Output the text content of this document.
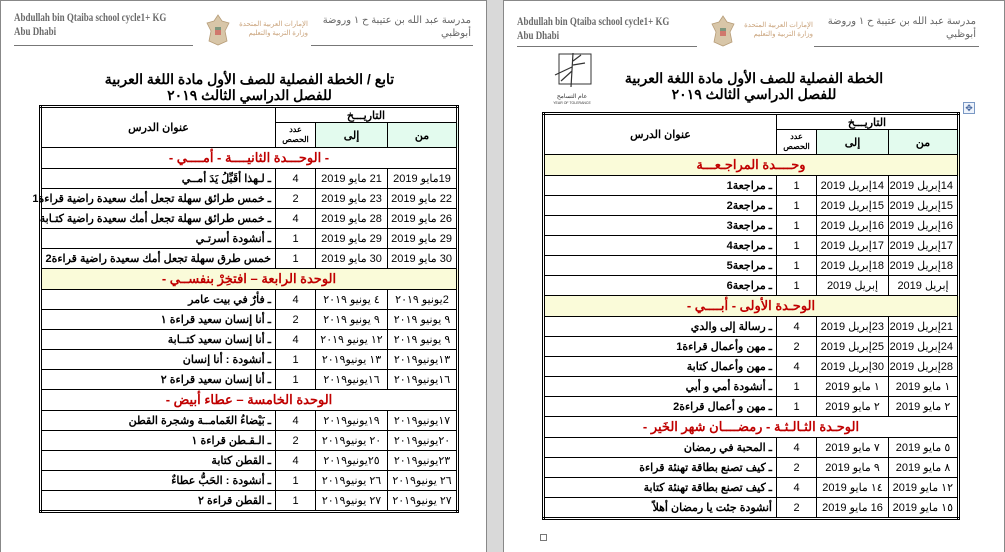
Abdullah bin Qtaiba school cycle1+ KG
Abu Dhabi
الإمارات العربية المتحدة
وزارة التربية والتعليم
مدرسة عبد الله بن عتيبة ح ١ وروضة
أبوظبي
تابع / الخطة الفصلية للصف الأول مادة اللغة العربية
للفصل الدراسي الثالث ٢٠١٩
التاريـــخ			عنوان الدرس
من	إلى	عدد الحصص	
- الوحـــدة الثانيــــة - أمــــي -			
19مايو 2019	21 مايو 2019	4	ـ لـهذا أقَبِّلُ يَدَ أمــي
22 مايو 2019	23 مايو 2019	2	ـ خمس طرائق سهلة تجعل أمك سعيدة راضية قراءة1
26 مايو 2019	28 مايو 2019	4	ـ خمس طرائق سهلة تجعل أمك سعيدة راضية كتـابة
29 مايو 2019	29 مايو 2019	1	ـ أنشودة أسرتـي
30 مايو 2019	30 مايو 2019	1	خمس طرق سهلة تجعل أمك سعيدة راضية قراءة2
الوحدة الرابعة – افتخِرْ بنفســي -			
2يونيو ٢٠١٩	٤ يونيو ٢٠١٩	4	ـ فأرٌ في بيت عامر
٩ يونيو ٢٠١٩	٩ يونيو ٢٠١٩	2	ـ أنا إنسان سعيد قراءة ١
٩ يونيو ٢٠١٩	١٢ يونيو ٢٠١٩	4	ـ أنا إنسان سعيد كتــابة
١٣يونيو٢٠١٩	١٣ يونيو٢٠١٩	1	ـ أنشودة : أنا إنسان
١٦يونيو٢٠١٩	١٦يونيو٢٠١٩	1	ـ أنا إنسان سعيد قراءة ٢
الوحدة الخامسة – عطاء أبيض -			
١٧يونيو٢٠١٩	١٩يونيو٢٠١٩	4	ـ بَيْضاءُ الغَمامــة وشجرة القطن
٢٠يونيو٢٠١٩	٢٠ يونيو٢٠١٩	2	ـ الـقـطن قراءة ١
٢٣يونيو٢٠١٩	٢٥يونيو٢٠١٩	4	ـ القطن كتابة
٢٦ يونيو٢٠١٩	٢٦ يونيو٢٠١٩	1	ـ أنشودة : الحَبُّ عطاءٌ
٢٧ يونيو٢٠١٩	٢٧ يونيو٢٠١٩	1	ـ القطن قراءة ٢
Abdullah bin Qtaiba school cycle1+ KG
Abu Dhabi
الإمارات العربية المتحدة
وزارة التربية والتعليم
مدرسة عبد الله بن عتيبة ح ١ وروضة
أبوظبي
عام التسامح
YEAR OF TOLERANCE
الخطة الفصلية للصف الأول مادة اللغة العربية
للفصل الدراسي الثالث ٢٠١٩
✥
التاريـــخ			عنوان الدرس
من	إلى	عدد الحصص	
وحــــدة المراجـعـــة			
14إبريل 2019	14إبريل 2019	1	ـ مراجعة1
15إبريل 2019	15إبريل 2019	1	ـ مراجعة2
16إبريل 2019	16إبريل 2019	1	ـ مراجعة3
17إبريل 2019	17إبريل 2019	1	ـ مراجعة4
18إبريل 2019	18إبريل 2019	1	ـ مراجعة5
إبريل 2019	إبريل 2019	1	ـ مراجعة6
الوحـدة الأولى - أبــــي -			
21إبريل 2019	23إبريل 2019	4	ـ رسالة إلى والدي
24إبريل 2019	25إبريل 2019	2	ـ مهن وأعمال قراءة1
28إبريل 2019	30إبريل 2019	4	ـ مهن وأعمال كتابة
١ مايو 2019	١ مايو 2019	1	ـ أنشودة أمي و أبي
٢ مايو 2019	٢ مايو 2019	1	ـ مهن و أعمال قراءة2
الوحـدة الثـالـثـة - رمضــــان شهر الخَير -			
٥ مايو 2019	٧ مايو 2019	4	ـ المحبة في رمضان
٨ مايو 2019	٩ مايو 2019	2	ـ كيف تصنع بطاقة تهنئة قراءة
١٢ مايو 2019	١٤ مايو 2019	4	ـ كيف تصنع بطاقة تهنئة كتابة
١٥ مايو 2019	16 مايو 2019	2	أنشودة جئت يا رمضان أهلاً
